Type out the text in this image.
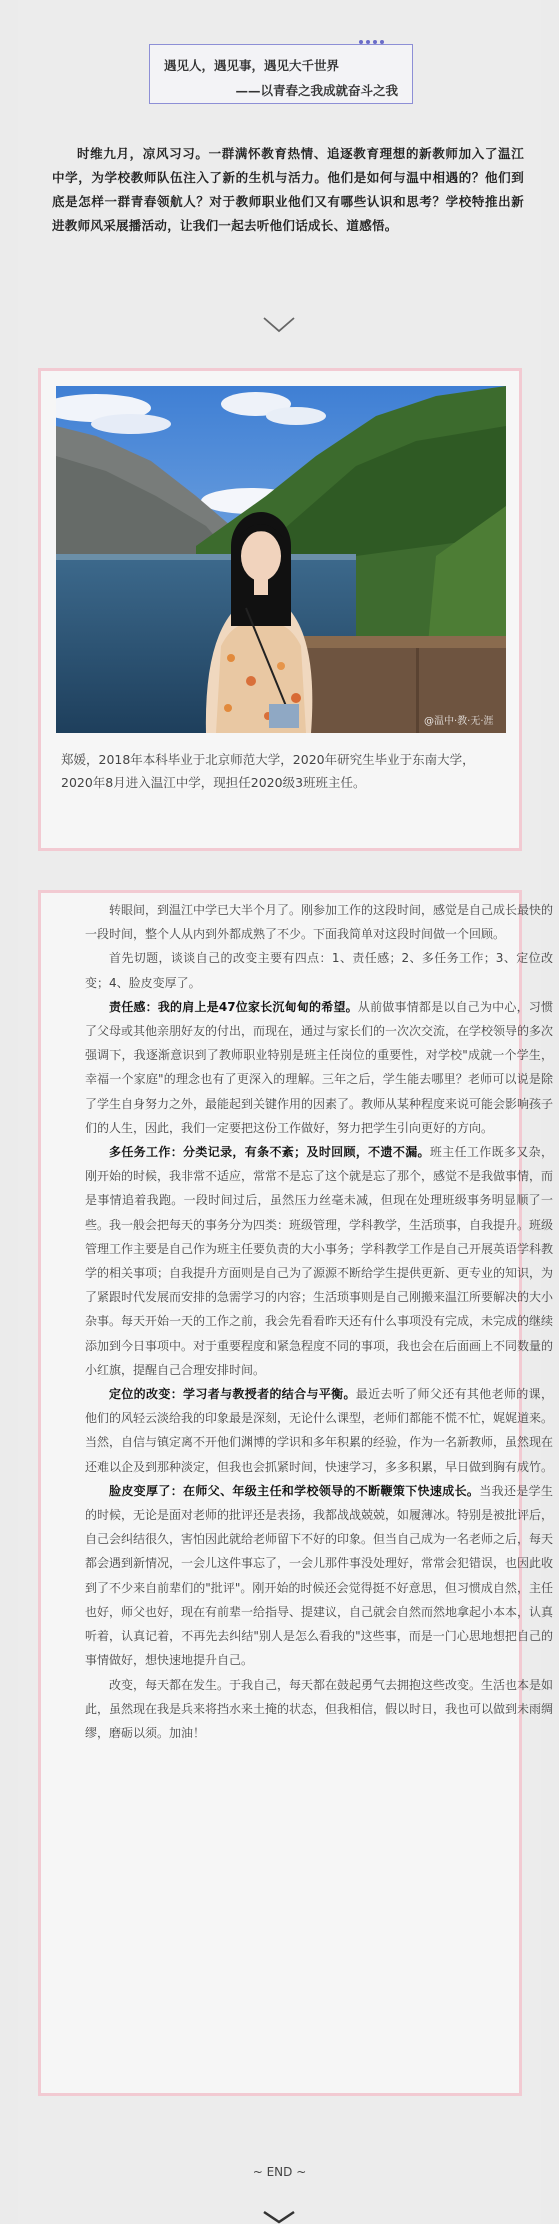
遇见人，遇见事，遇见大千世界
——以青春之我成就奋斗之我
时维九月，凉风习习。一群满怀教育热情、追逐教育理想的新教师加入了温江中学，为学校教师队伍注入了新的生机与活力。他们是如何与温中相遇的？他们到底是怎样一群青春领航人？对于教师职业他们又有哪些认识和思考？学校特推出新进教师风采展播活动，让我们一起去听他们话成长、道感悟。
@温中·教·无·涯
郑媛，2018年本科毕业于北京师范大学，2020年研究生毕业于东南大学，2020年8月进入温江中学，现担任2020级3班班主任。

转眼间，到温江中学已大半个月了。刚参加工作的这段时间，感觉是自己成长最快的一段时间，整个人从内到外都成熟了不少。下面我简单对这段时间做一个回顾。

首先切题，谈谈自己的改变主要有四点：1、责任感；2、多任务工作；3、定位改变；4、脸皮变厚了。

责任感：我的肩上是47位家长沉甸甸的希望。从前做事情都是以自己为中心，习惯了父母或其他亲朋好友的付出，而现在，通过与家长们的一次次交流，在学校领导的多次强调下，我逐渐意识到了教师职业特别是班主任岗位的重要性，对学校"成就一个学生，幸福一个家庭"的理念也有了更深入的理解。三年之后，学生能去哪里？老师可以说是除了学生自身努力之外，最能起到关键作用的因素了。教师从某种程度来说可能会影响孩子们的人生，因此，我们一定要把这份工作做好，努力把学生引向更好的方向。

多任务工作：分类记录，有条不紊；及时回顾，不遗不漏。班主任工作既多又杂，刚开始的时候，我非常不适应，常常不是忘了这个就是忘了那个，感觉不是我做事情，而是事情追着我跑。一段时间过后，虽然压力丝毫未减，但现在处理班级事务明显顺了一些。我一般会把每天的事务分为四类：班级管理，学科教学，生活琐事，自我提升。班级管理工作主要是自己作为班主任要负责的大小事务；学科教学工作是自己开展英语学科教学的相关事项；自我提升方面则是自己为了源源不断给学生提供更新、更专业的知识，为了紧跟时代发展而安排的急需学习的内容；生活琐事则是自己刚搬来温江所要解决的大小杂事。每天开始一天的工作之前，我会先看看昨天还有什么事项没有完成，未完成的继续添加到今日事项中。对于重要程度和紧急程度不同的事项，我也会在后面画上不同数量的小红旗，提醒自己合理安排时间。

定位的改变：学习者与教授者的结合与平衡。最近去听了师父还有其他老师的课，他们的风轻云淡给我的印象最是深刻，无论什么课型，老师们都能不慌不忙，娓娓道来。当然，自信与镇定离不开他们渊博的学识和多年积累的经验，作为一名新教师，虽然现在还难以企及到那种淡定，但我也会抓紧时间，快速学习，多多积累，早日做到胸有成竹。

脸皮变厚了：在师父、年级主任和学校领导的不断鞭策下快速成长。当我还是学生的时候，无论是面对老师的批评还是表扬，我都战战兢兢，如履薄冰。特别是被批评后，自己会纠结很久，害怕因此就给老师留下不好的印象。但当自己成为一名老师之后，每天都会遇到新情况，一会儿这件事忘了，一会儿那件事没处理好，常常会犯错误，也因此收到了不少来自前辈们的"批评"。刚开始的时候还会觉得挺不好意思，但习惯成自然，主任也好，师父也好，现在有前辈一给指导、提建议，自己就会自然而然地拿起小本本，认真听着，认真记着，不再先去纠结"别人是怎么看我的"这些事，而是一门心思地想把自己的事情做好，想快速地提升自己。

改变，每天都在发生。于我自己，每天都在鼓起勇气去拥抱这些改变。生活也本是如此，虽然现在我是兵来将挡水来土掩的状态，但我相信，假以时日，我也可以做到未雨绸缪，磨砺以须。加油！

~ END ~
